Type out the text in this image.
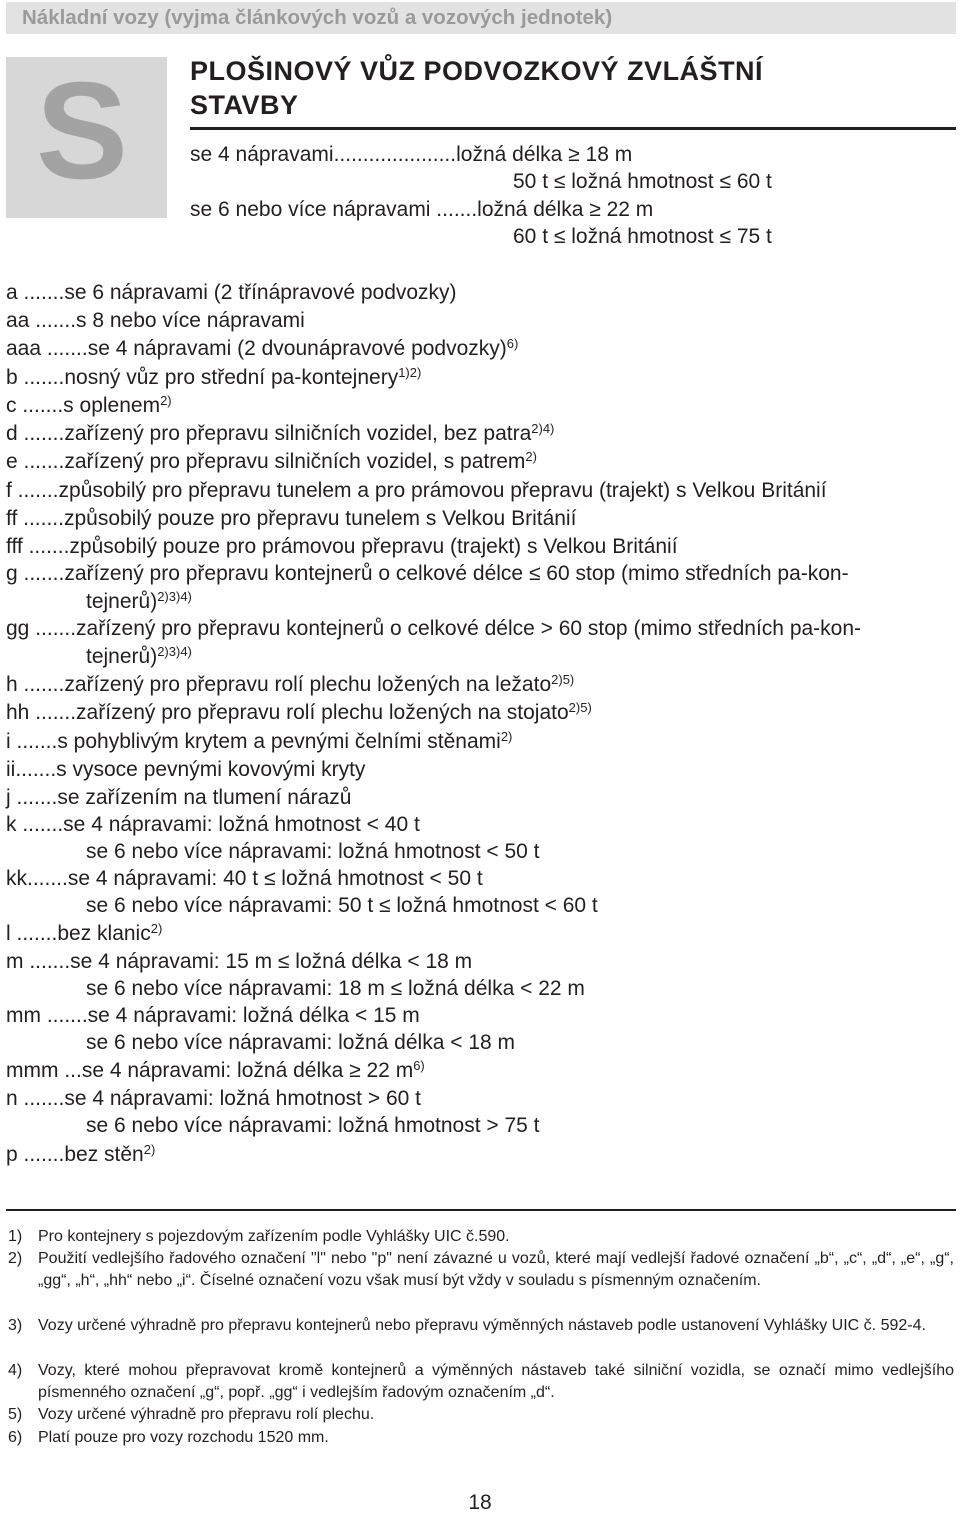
Nákladní vozy (vyjma článkových vozů a vozových jednotek)
S PLOŠINOVÝ VŮZ PODVOZKOVÝ ZVLÁŠTNÍ
STAVBY
se 4 nápravami.....................ložná délka ≥ 18 m
50 t ≤ ložná hmotnost ≤ 60 t
se 6 nebo více nápravami .......ložná délka ≥ 22 m
60 t ≤ ložná hmotnost ≤ 75 t
a .......se 6 nápravami (2 třínápravové podvozky)
aa .......s 8 nebo více nápravami
aaa .......se 4 nápravami (2 dvounápravové podvozky)$^{6)}$
b .......nosný vůz pro střední pa-kontejnery$^{1)2)}$
c .......s oplenem$^{2)}$
d .......zařízený pro přepravu silničních vozidel, bez patra$^{2)4)}$
e .......zařízený pro přepravu silničních vozidel, s patrem$^{2)}$
f .......způsobilý pro přepravu tunelem a pro prámovou přepravu (trajekt) s Velkou Británií
ff .......způsobilý pouze pro přepravu tunelem s Velkou Británií
fff .......způsobilý pouze pro prámovou přepravu (trajekt) s Velkou Británií
g .......zařízený pro přepravu kontejnerů o celkové délce ≤ 60 stop (mimo středních pa-kon-
tejnerů)$^{2)3)4)}$
gg .......zařízený pro přepravu kontejnerů o celkové délce > 60 stop (mimo středních pa-kon-
tejnerů)$^{2)3)4)}$
h .......zařízený pro přepravu rolí plechu ložených na ležato$^{2)5)}$
hh .......zařízený pro přepravu rolí plechu ložených na stojato$^{2)5)}$
i .......s pohyblivým krytem a pevnými čelními stěnami$^{2)}$
ii.......s vysoce pevnými kovovými kryty
j .......se zařízením na tlumení nárazů
k .......se 4 nápravami: ložná hmotnost < 40 t
se 6 nebo více nápravami: ložná hmotnost < 50 t
kk.......se 4 nápravami: 40 t ≤ ložná hmotnost < 50 t
se 6 nebo více nápravami: 50 t ≤ ložná hmotnost < 60 t
l .......bez klanic$^{2)}$
m .......se 4 nápravami: 15 m ≤ ložná délka < 18 m
se 6 nebo více nápravami: 18 m ≤ ložná délka < 22 m
mm .......se 4 nápravami: ložná délka < 15 m
se 6 nebo více nápravami: ložná délka < 18 m
mmm ...se 4 nápravami: ložná délka ≥ 22 $m^{6)}$
n .......se 4 nápravami: ložná hmotnost > 60 t
se 6 nebo více nápravami: ložná hmotnost > 75 t
p .......bez stěn$^{2)}$
1) Pro kontejnery s pojezdovým zařízením podle Vyhlášky UIC č.590.
2) Použití vedlejšího řadového označení "l" nebo "p" není závazné u vozů, které mají vedlejší řadové označení „b“, „c“, „d“, „e“, „g“, „gg“, „h“, „hh“ nebo „i“. Číselné označení vozu však musí být vždy v souladu s písmenným označením.
3) Vozy určené výhradně pro přepravu kontejnerů nebo přepravu výměnných nástaveb podle ustanovení Vyhlášky UIC č. 592-4.
4) Vozy, které mohou přepravovat kromě kontejnerů a výměnných nástaveb také silniční vozidla, se označí mimo vedlejšího písmenného označení „g“, popř. „gg“ i vedlejším řadovým označením „d“.
5) Vozy určené výhradně pro přepravu rolí plechu.
6) Platí pouze pro vozy rozchodu 1520 mm.
18
